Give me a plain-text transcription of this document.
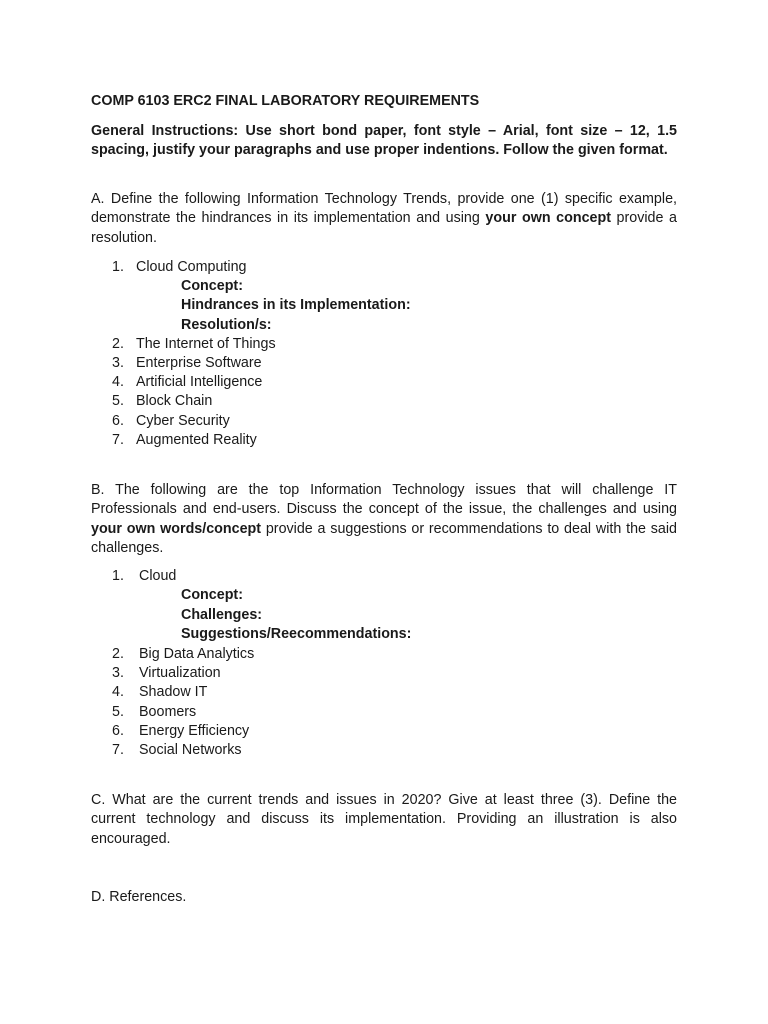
COMP 6103 ERC2 FINAL LABORATORY REQUIREMENTS

General Instructions: Use short bond paper, font style – Arial, font size – 12, 1.5 spacing, justify your paragraphs and use proper indentions. Follow the given format.

A. Define the following Information Technology Trends, provide one (1) specific example, demonstrate the hindrances in its implementation and using your own concept provide a resolution.

1. Cloud Computing
Concept:
Hindrances in its Implementation:
Resolution/s:
2. The Internet of Things
3. Enterprise Software
4. Artificial Intelligence
5. Block Chain
6. Cyber Security
7. Augmented Reality

B. The following are the top Information Technology issues that will challenge IT Professionals and end-users. Discuss the concept of the issue, the challenges and using your own words/concept provide a suggestions or recommendations to deal with the said challenges.

1.	Cloud
Concept:
Challenges:
Suggestions/Reecommendations:
2.	Big Data Analytics
3.	Virtualization
4.	Shadow IT
5.	Boomers
6.	Energy Efficiency
7.	Social Networks

C. What are the current trends and issues in 2020? Give at least three (3). Define the current technology and discuss its implementation. Providing an illustration is also encouraged.

D. References.
